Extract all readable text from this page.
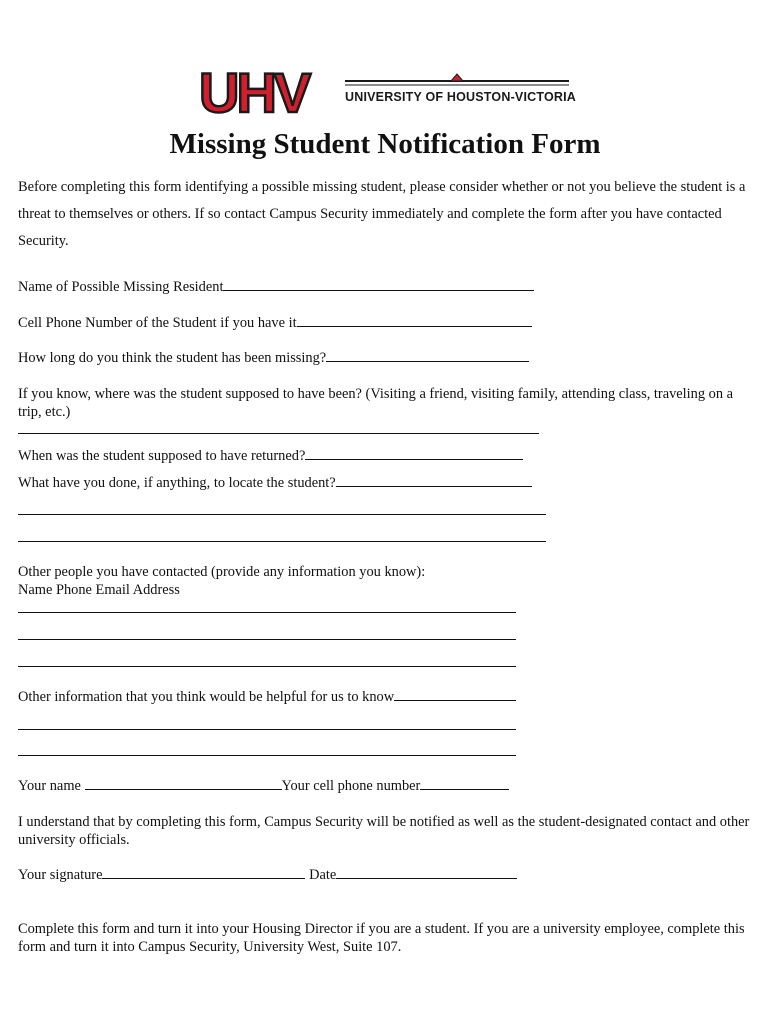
UHV	UNIVERSITY OF HOUSTON-VICTORIA
Missing Student Notification Form
Before completing this form identifying a possible missing student, please consider whether or not you believe the student is a threat to themselves or others. If so contact Campus Security immediately and complete the form after you have contacted Security.
Name of Possible Missing Resident
Cell Phone Number of the Student if you have it
How long do you think the student has been missing?
If you know, where was the student supposed to have been? (Visiting a friend, visiting family, attending class, traveling on a trip, etc.)
When was the student supposed to have returned?
What have you done, if anything, to locate the student?
Other people you have contacted (provide any information you know):
Name Phone Email Address
Other information that you think would be helpful for us to know
Your name	Your cell phone number
I understand that by completing this form, Campus Security will be notified as well as the student-designated contact and other university officials.
Your signature	Date
Complete this form and turn it into your Housing Director if you are a student. If you are a university employee, complete this form and turn it into Campus Security, University West, Suite 107.
